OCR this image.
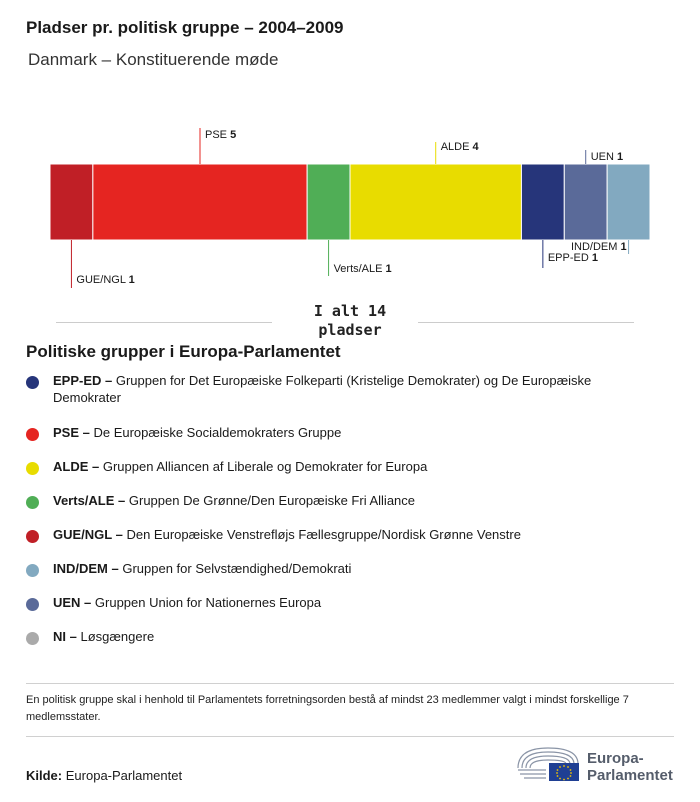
Pladser pr. politisk gruppe – 2004–2009
Danmark – Konstituerende møde
GUE/NGL 1
PSE 5
Verts/ALE 1
ALDE 4
EPP-ED 1
UEN 1
IND/DEM 1
I alt 14
pladser
Politiske grupper i Europa-Parlamentet
EPP-ED – Gruppen for Det Europæiske Folkeparti (Kristelige Demokrater) og De Europæiske Demokrater
PSE – De Europæiske Socialdemokraters Gruppe
ALDE – Gruppen Alliancen af Liberale og Demokrater for Europa
Verts/ALE – Gruppen De Grønne/Den Europæiske Fri Alliance
GUE/NGL – Den Europæiske Venstrefløjs Fællesgruppe/Nordisk Grønne Venstre
IND/DEM – Gruppen for Selvstændighed/Demokrati
UEN – Gruppen Union for Nationernes Europa
NI – Løsgængere
En politisk gruppe skal i henhold til Parlamentets forretningsorden bestå af mindst 23 medlemmer valgt i mindst forskellige 7 medlemsstater.
Kilde: Europa-Parlamentet
Europa-
Parlamentet
